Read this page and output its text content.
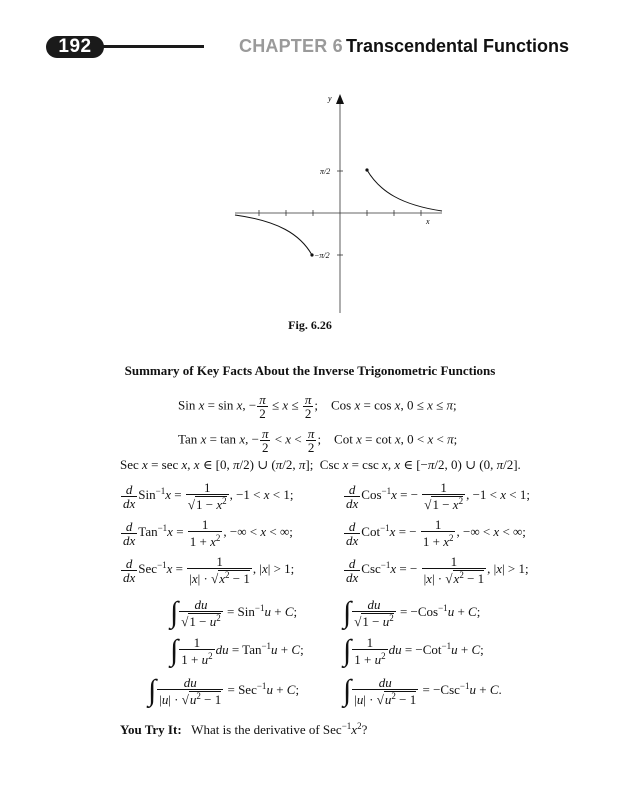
192	CHAPTER 6 Transcendental Functions
y
x
π/2
−π/2
Fig. 6.26
Summary of Key Facts About the Inverse Trigonometric Functions
Sin x = sin x, − $\frac{\pi}{2} \le x \le \frac{\pi}{2}$ ;    Cos x = cos x, 0 ≤ x ≤ π;
Tan x = tan x, − $\frac{\pi}{2} < x < \frac{\pi}{2}$ ;    Cot x = cot x, 0 < x < π;
Sec x = sec x, x ∈ [0, π/2) ∪ (π/2, π];  Csc x = csc x, x ∈ [−π/2, 0) ∪ (0, π/2].
$\frac{d}{dx} Sin^{-1}x = \frac{1}{√1 - x^2}$ , −1 < x < 1;	$\frac{d}{dx} Cos^{-1}x$ = − $\frac{1}{√1 - x^2}$ , −1 < x < 1;
$\frac{d}{dx} Tan^{-1}x = \frac{1}{1 + x^2}$ , −∞ < x < ∞;	$\frac{d}{dx} Cot^{-1}x$ = − $\frac{1}{1 + x^2}$ , −∞ < x < ∞;
$\frac{d}{dx} Sec^{-1}x = \frac{1}{|x| \cdot √x^2 - 1}$ , |x| > 1;	$\frac{d}{dx} Csc^{-1}x$ = − $\frac{1}{|x| \cdot √x^2 - 1}$ , |x| > 1;
∫ $\frac{du}{√1 - u^2} = Sin^{-1}u + C$; ∫ $\frac{du}{√1 - u^2} = -Cos^{-1}u + C$;
∫ $\frac{1}{1 + u^2}$ du = Tan$^{-1}$u + C; ∫ $\frac{1}{1 + u^2}$ du = −Cot$^{-1}$u + C;
∫ $\frac{du}{|u| \cdot √u^2 - 1} = Sec^{-1}u + C$; ∫ $\frac{du}{|u| \cdot √u^2 - 1} = -Csc^{-1}u + C$.
You Try It: What is the derivative of $Sec^{-1}x^2$?
